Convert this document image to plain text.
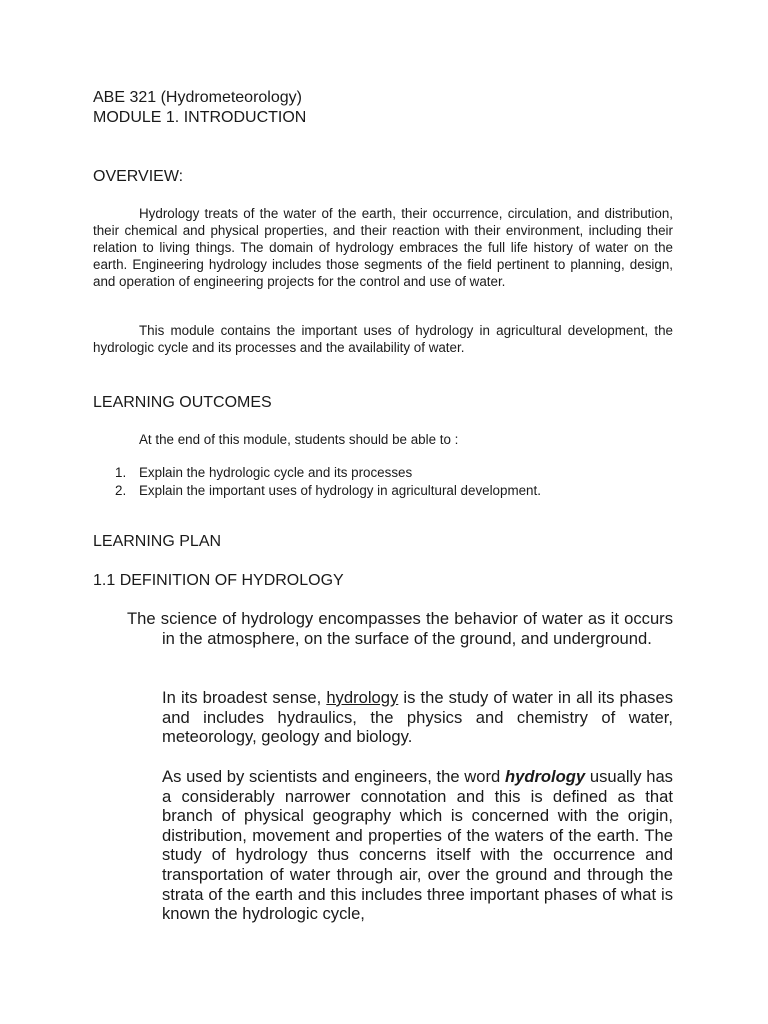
ABE 321 (Hydrometeorology)

MODULE 1. INTRODUCTION

OVERVIEW:

Hydrology treats of the water of the earth, their occurrence, circulation, and distribution, their chemical and physical properties, and their reaction with their environment, including their relation to living things. The domain of hydrology embraces the full life history of water on the earth. Engineering hydrology includes those segments of the field pertinent to planning, design, and operation of engineering projects for the control and use of water.

This module contains the important uses of hydrology in agricultural development, the hydrologic cycle and its processes and the availability of water.

LEARNING OUTCOMES

At the end of this module, students should be able to :

1. Explain the hydrologic cycle and its processes

2. Explain the important uses of hydrology in agricultural development.

LEARNING PLAN

1.1 DEFINITION OF HYDROLOGY

The science of hydrology encompasses the behavior of water as it occurs in the atmosphere, on the surface of the ground, and underground.

In its broadest sense, hydrology is the study of water in all its phases and includes hydraulics, the physics and chemistry of water, meteorology, geology and biology.

As used by scientists and engineers, the word hydrology usually has a considerably narrower connotation and this is defined as that branch of physical geography which is concerned with the origin, distribution, movement and properties of the waters of the earth. The study of hydrology thus concerns itself with the occurrence and transportation of water through air, over the ground and through the strata of the earth and this includes three important phases of what is known the hydrologic cycle,
